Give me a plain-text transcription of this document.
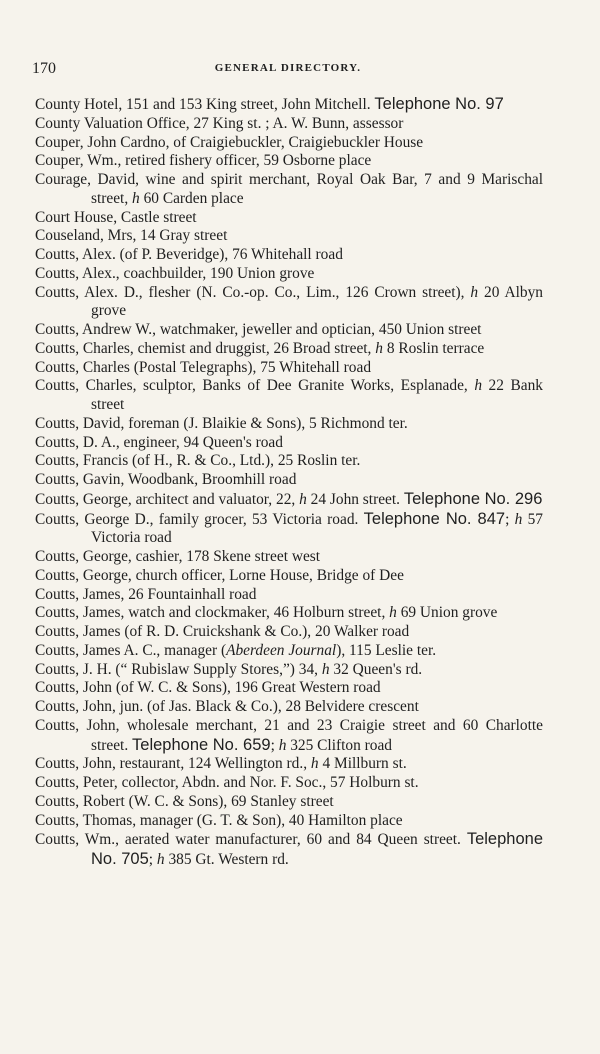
170	GENERAL DIRECTORY.

County Hotel, 151 and 153 King street, John Mitchell. Telephone No. 97

County Valuation Office, 27 King st. ; A. W. Bunn, assessor

Couper, John Cardno, of Craigiebuckler, Craigiebuckler House

Couper, Wm., retired fishery officer, 59 Osborne place

Courage, David, wine and spirit merchant, Royal Oak Bar, 7 and 9 Marischal street, h 60 Carden place

Court House, Castle street

Couseland, Mrs, 14 Gray street

Coutts, Alex. (of P. Beveridge), 76 Whitehall road

Coutts, Alex., coachbuilder, 190 Union grove

Coutts, Alex. D., flesher (N. Co.-op. Co., Lim., 126 Crown street), h 20 Albyn grove

Coutts, Andrew W., watchmaker, jeweller and optician, 450 Union street

Coutts, Charles, chemist and druggist, 26 Broad street, h 8 Roslin terrace

Coutts, Charles (Postal Telegraphs), 75 Whitehall road

Coutts, Charles, sculptor, Banks of Dee Granite Works, Esplanade, h 22 Bank street

Coutts, David, foreman (J. Blaikie & Sons), 5 Richmond ter.

Coutts, D. A., engineer, 94 Queen's road

Coutts, Francis (of H., R. & Co., Ltd.), 25 Roslin ter.

Coutts, Gavin, Woodbank, Broomhill road

Coutts, George, architect and valuator, 22, h 24 John street. Telephone No. 296

Coutts, George D., family grocer, 53 Victoria road. Telephone No. 847; h 57 Victoria road

Coutts, George, cashier, 178 Skene street west

Coutts, George, church officer, Lorne House, Bridge of Dee

Coutts, James, 26 Fountainhall road

Coutts, James, watch and clockmaker, 46 Holburn street, h 69 Union grove

Coutts, James (of R. D. Cruickshank & Co.), 20 Walker road

Coutts, James A. C., manager (Aberdeen Journal), 115 Leslie ter.

Coutts, J. H. (“ Rubislaw Supply Stores,”) 34, h 32 Queen's rd.

Coutts, John (of W. C. & Sons), 196 Great Western road

Coutts, John, jun. (of Jas. Black & Co.), 28 Belvidere crescent

Coutts, John, wholesale merchant, 21 and 23 Craigie street and 60 Charlotte street. Telephone No. 659; h 325 Clifton road

Coutts, John, restaurant, 124 Wellington rd., h 4 Millburn st.

Coutts, Peter, collector, Abdn. and Nor. F. Soc., 57 Holburn st.

Coutts, Robert (W. C. & Sons), 69 Stanley street

Coutts, Thomas, manager (G. T. & Son), 40 Hamilton place

Coutts, Wm., aerated water manufacturer, 60 and 84 Queen street. Telephone No. 705; h 385 Gt. Western rd.
